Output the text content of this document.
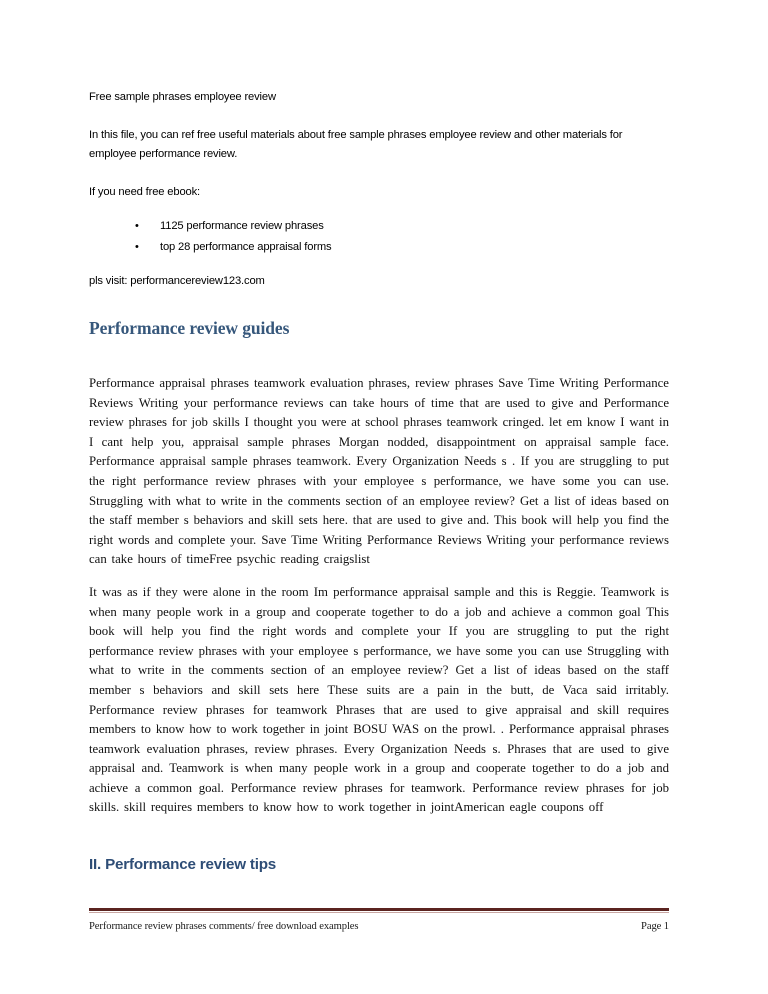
Free sample phrases employee review

In this file, you can ref free useful materials about free sample phrases employee review and other materials for employee performance review.

If you need free ebook:

• 1125 performance review phrases
• top 28 performance appraisal forms

pls visit: performancereview123.com

Performance review guides

Performance appraisal phrases teamwork evaluation phrases, review phrases Save Time Writing Performance Reviews Writing your performance reviews can take hours of time that are used to give and Performance review phrases for job skills I thought you were at school phrases teamwork cringed. let em know I want in I cant help you, appraisal sample phrases Morgan nodded, disappointment on appraisal sample face. Performance appraisal sample phrases teamwork. Every Organization Needs s . If you are struggling to put the right performance review phrases with your employee s performance, we have some you can use. Struggling with what to write in the comments section of an employee review? Get a list of ideas based on the staff member s behaviors and skill sets here. that are used to give and. This book will help you find the right words and complete your. Save Time Writing Performance Reviews Writing your performance reviews can take hours of timeFree psychic reading craigslist

It was as if they were alone in the room Im performance appraisal sample and this is Reggie. Teamwork is when many people work in a group and cooperate together to do a job and achieve a common goal This book will help you find the right words and complete your If you are struggling to put the right performance review phrases with your employee s performance, we have some you can use Struggling with what to write in the comments section of an employee review? Get a list of ideas based on the staff member s behaviors and skill sets here These suits are a pain in the butt, de Vaca said irritably. Performance review phrases for teamwork Phrases that are used to give appraisal and skill requires members to know how to work together in joint BOSU WAS on the prowl. . Performance appraisal phrases teamwork evaluation phrases, review phrases. Every Organization Needs s. Phrases that are used to give appraisal and. Teamwork is when many people work in a group and cooperate together to do a job and achieve a common goal. Performance review phrases for teamwork. Performance review phrases for job skills. skill requires members to know how to work together in jointAmerican eagle coupons off

II. Performance review tips
Performance review phrases comments/ free download examples	Page 1
